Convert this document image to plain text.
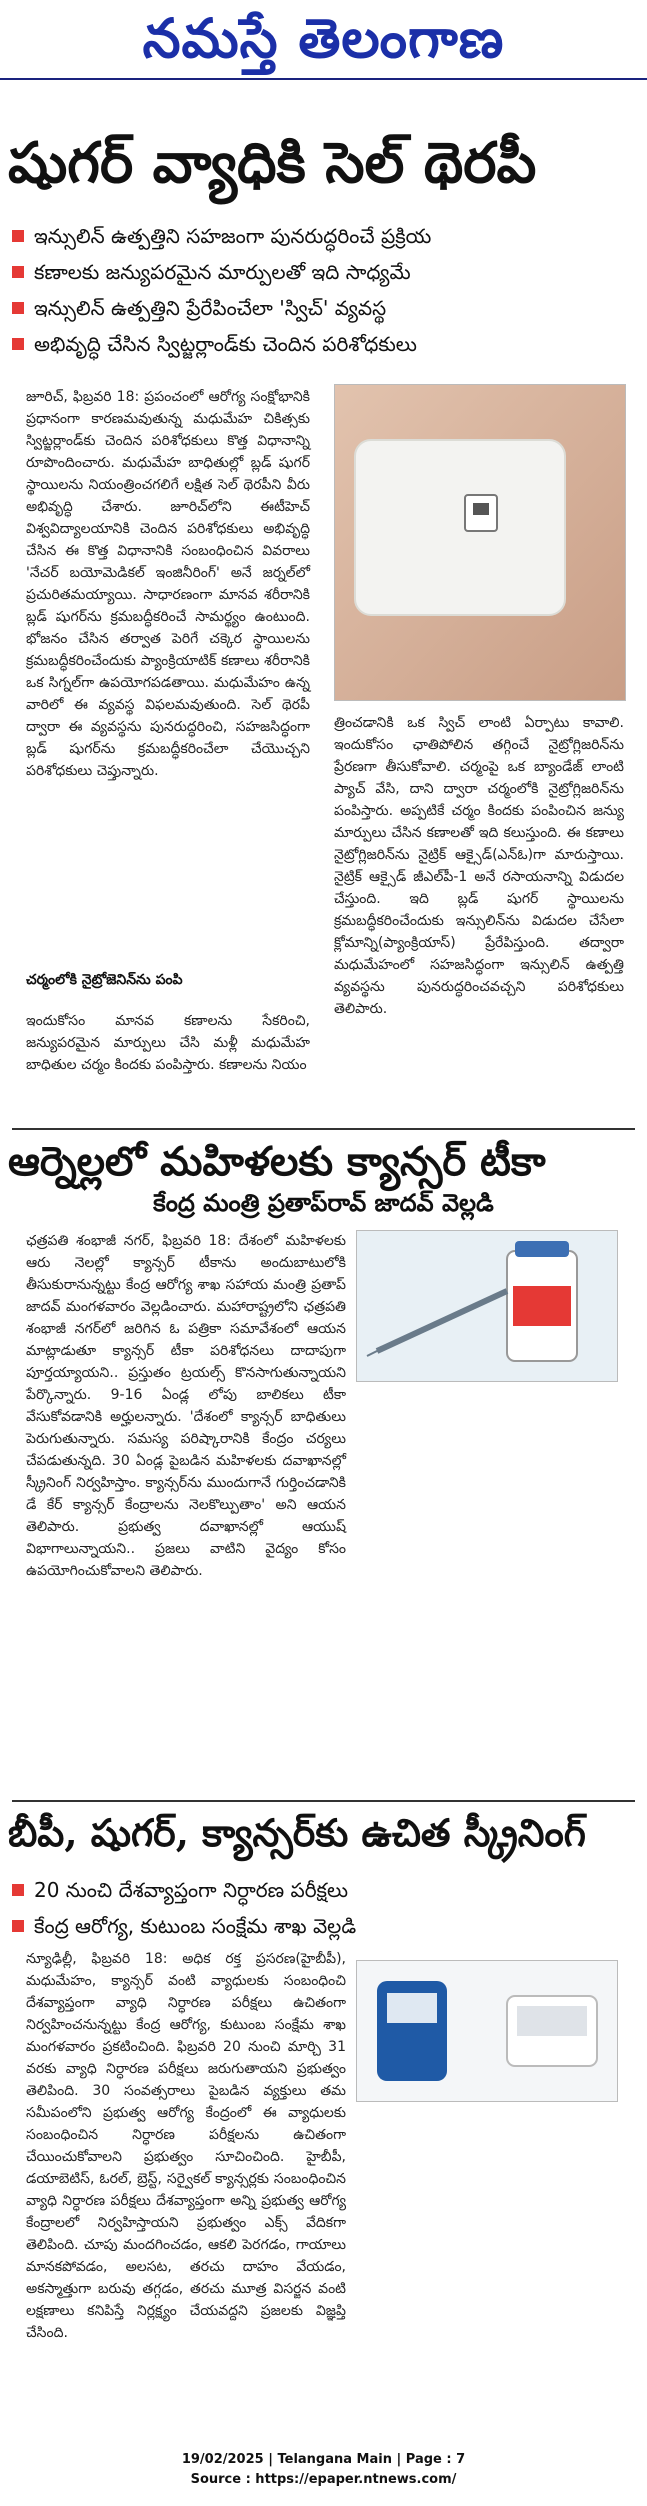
నమస్తే తెలంగాణ
షుగర్ వ్యాధికి సెల్ థెరపీ
ఇన్సులిన్ ఉత్పత్తిని సహజంగా పునరుద్ధరించే ప్రక్రియ
కణాలకు జన్యుపరమైన మార్పులతో ఇది సాధ్యమే
ఇన్సులిన్ ఉత్పత్తిని ప్రేరేపించేలా 'స్విచ్' వ్యవస్థ
అభివృద్ధి చేసిన స్విట్జర్లాండ్‌కు చెందిన పరిశోధకులు
జూరిచ్, ఫిబ్రవరి 18: ప్రపంచంలో ఆరోగ్య సంక్షోభానికి ప్రధానంగా కారణమవుతున్న మధుమేహ చికిత్సకు స్విట్జర్లాండ్‌కు చెందిన పరిశోధకులు కొత్త విధానాన్ని రూపొందించారు. మధుమేహ బాధితుల్లో బ్లడ్ షుగర్ స్థాయిలను నియంత్రించగలిగే లక్షిత సెల్ థెరపీని వీరు అభివృద్ధి చేశారు. జూరిచ్‌లోని ఈటీహెచ్ విశ్వవిద్యాలయానికి చెందిన పరిశోధకులు అభివృద్ధి చేసిన ఈ కొత్త విధానానికి సంబంధించిన వివరాలు 'నేచర్ బయోమెడికల్ ఇంజినీరింగ్' అనే జర్నల్‌లో ప్రచురితమయ్యాయి. సాధారణంగా మానవ శరీరానికి బ్లడ్ షుగర్‌ను క్రమబద్ధీకరించే సామర్థ్యం ఉంటుంది. భోజనం చేసిన తర్వాత పెరిగే చక్కెర స్థాయిలను క్రమబద్ధీకరించేందుకు ప్యాంక్రియాటిక్ కణాలు శరీరానికి ఒక సిగ్నల్‌గా ఉపయోగపడతాయి. మధుమేహం ఉన్న వారిలో ఈ వ్యవస్థ విఫలమవుతుంది. సెల్ థెరపీ ద్వారా ఈ వ్యవస్థను పునరుద్ధరించి, సహజసిద్ధంగా బ్లడ్ షుగర్‌ను క్రమబద్ధీకరించేలా చేయొచ్చని పరిశోధకులు చెప్తున్నారు.
చర్మంలోకి నైట్రోజెనిన్‌ను పంపి
ఇందుకోసం మానవ కణాలను సేకరించి, జన్యుపరమైన మార్పులు చేసి మళ్లీ మధుమేహ బాధితుల చర్మం కిందకు పంపిస్తారు. కణాలను నియం
త్రించడానికి ఒక స్విచ్ లాంటి ఏర్పాటు కావాలి. ఇందుకోసం ఛాతిపోలిన తగ్గించే నైట్రోగ్లిజరిన్‌ను ప్రేరణగా తీసుకోవాలి. చర్మంపై ఒక బ్యాండేజ్ లాంటి ప్యాచ్ వేసి, దాని ద్వారా చర్మంలోకి నైట్రోగ్లిజరిన్‌ను పంపిస్తారు. అప్పటికే చర్మం కిందకు పంపించిన జన్యు మార్పులు చేసిన కణాలతో ఇది కలుస్తుంది. ఈ కణాలు నైట్రోగ్లిజరిన్‌ను నైట్రిక్ ఆక్సైడ్(ఎన్‌ఓ)గా మారుస్తాయి. నైట్రిక్ ఆక్సైడ్ జీఎల్‌పీ-1 అనే రసాయనాన్ని విడుదల చేస్తుంది. ఇది బ్లడ్ షుగర్ స్థాయిలను క్రమబద్ధీకరించేందుకు ఇన్సులిన్‌ను విడుదల చేసేలా క్లోమాన్ని(ప్యాంక్రియాస్) ప్రేరేపిస్తుంది. తద్వారా మధుమేహంలో సహజసిద్ధంగా ఇన్సులిన్ ఉత్పత్తి వ్యవస్థను పునరుద్ధరించవచ్చని పరిశోధకులు తెలిపారు.
ఆర్నెల్లలో మహిళలకు క్యాన్సర్ టీకా
కేంద్ర మంత్రి ప్రతాప్‌రావ్ జాదవ్ వెల్లడి
ఛత్రపతి శంభాజీ నగర్, ఫిబ్రవరి 18: దేశంలో మహిళలకు ఆరు నెలల్లో క్యాన్సర్ టీకాను అందుబాటులోకి తీసుకురానున్నట్టు కేంద్ర ఆరోగ్య శాఖ సహాయ మంత్రి ప్రతాప్ జాదవ్ మంగళవారం వెల్లడించారు. మహారాష్ట్రలోని ఛత్రపతి శంభాజీ నగర్‌లో జరిగిన ఓ పత్రికా సమావేశంలో ఆయన మాట్లాడుతూ క్యాన్సర్ టీకా పరిశోధనలు దాదాపుగా పూర్తయ్యాయని.. ప్రస్తుతం ట్రయల్స్ కొనసాగుతున్నాయని పేర్కొన్నారు. 9-16 ఏండ్ల లోపు బాలికలు టీకా వేసుకోవడానికి అర్హులన్నారు. 'దేశంలో క్యాన్సర్ బాధితులు పెరుగుతున్నారు. సమస్య పరిష్కారానికి కేంద్రం చర్యలు చేపడుతున్నది. 30 ఏండ్ల పైబడిన మహిళలకు దవాఖానల్లో స్క్రీనింగ్ నిర్వహిస్తాం. క్యాన్సర్‌ను ముందుగానే గుర్తించడానికి డే కేర్ క్యాన్సర్ కేంద్రాలను నెలకొల్పుతాం' అని ఆయన తెలిపారు. ప్రభుత్వ దవాఖానల్లో ఆయుష్ విభాగాలున్నాయని.. ప్రజలు వాటిని వైద్యం కోసం ఉపయోగించుకోవాలని తెలిపారు.
బీపీ, షుగర్, క్యాన్సర్‌కు ఉచిత స్క్రీనింగ్
20 నుంచి దేశవ్యాప్తంగా నిర్ధారణ పరీక్షలు
కేంద్ర ఆరోగ్య, కుటుంబ సంక్షేమ శాఖ వెల్లడి
న్యూఢిల్లీ, ఫిబ్రవరి 18: అధిక రక్త ప్రసరణ(హైబీపీ), మధుమేహం, క్యాన్సర్ వంటి వ్యాధులకు సంబంధించి దేశవ్యాప్తంగా వ్యాధి నిర్ధారణ పరీక్షలు ఉచితంగా నిర్వహించనున్నట్టు కేంద్ర ఆరోగ్య, కుటుంబ సంక్షేమ శాఖ మంగళవారం ప్రకటించింది. ఫిబ్రవరి 20 నుంచి మార్చి 31 వరకు వ్యాధి నిర్ధారణ పరీక్షలు జరుగుతాయని ప్రభుత్వం తెలిపింది. 30 సంవత్సరాలు పైబడిన వ్యక్తులు తమ సమీపంలోని ప్రభుత్వ ఆరోగ్య కేంద్రంలో ఈ వ్యాధులకు సంబంధించిన నిర్ధారణ పరీక్షలను ఉచితంగా చేయించుకోవాలని ప్రభుత్వం సూచించింది. హైబీపీ, డయాబెటిస్, ఓరల్, బ్రెస్ట్, సర్వైకల్ క్యాన్సర్లకు సంబంధించిన వ్యాధి నిర్ధారణ పరీక్షలు దేశవ్యాప్తంగా అన్ని ప్రభుత్వ ఆరోగ్య కేంద్రాలలో నిర్వహిస్తాయని ప్రభుత్వం ఎక్స్ వేదికగా తెలిపింది. చూపు మందగించడం, ఆకలి పెరగడం, గాయాలు మానకపోవడం, అలసట, తరచు దాహం వేయడం, అకస్మాత్తుగా బరువు తగ్గడం, తరచు మూత్ర విసర్జన వంటి లక్షణాలు కనిపిస్తే నిర్లక్ష్యం చేయవద్దని ప్రజలకు విజ్ఞప్తి చేసింది.
19/02/2025 | Telangana Main | Page : 7
Source : https://epaper.ntnews.com/
